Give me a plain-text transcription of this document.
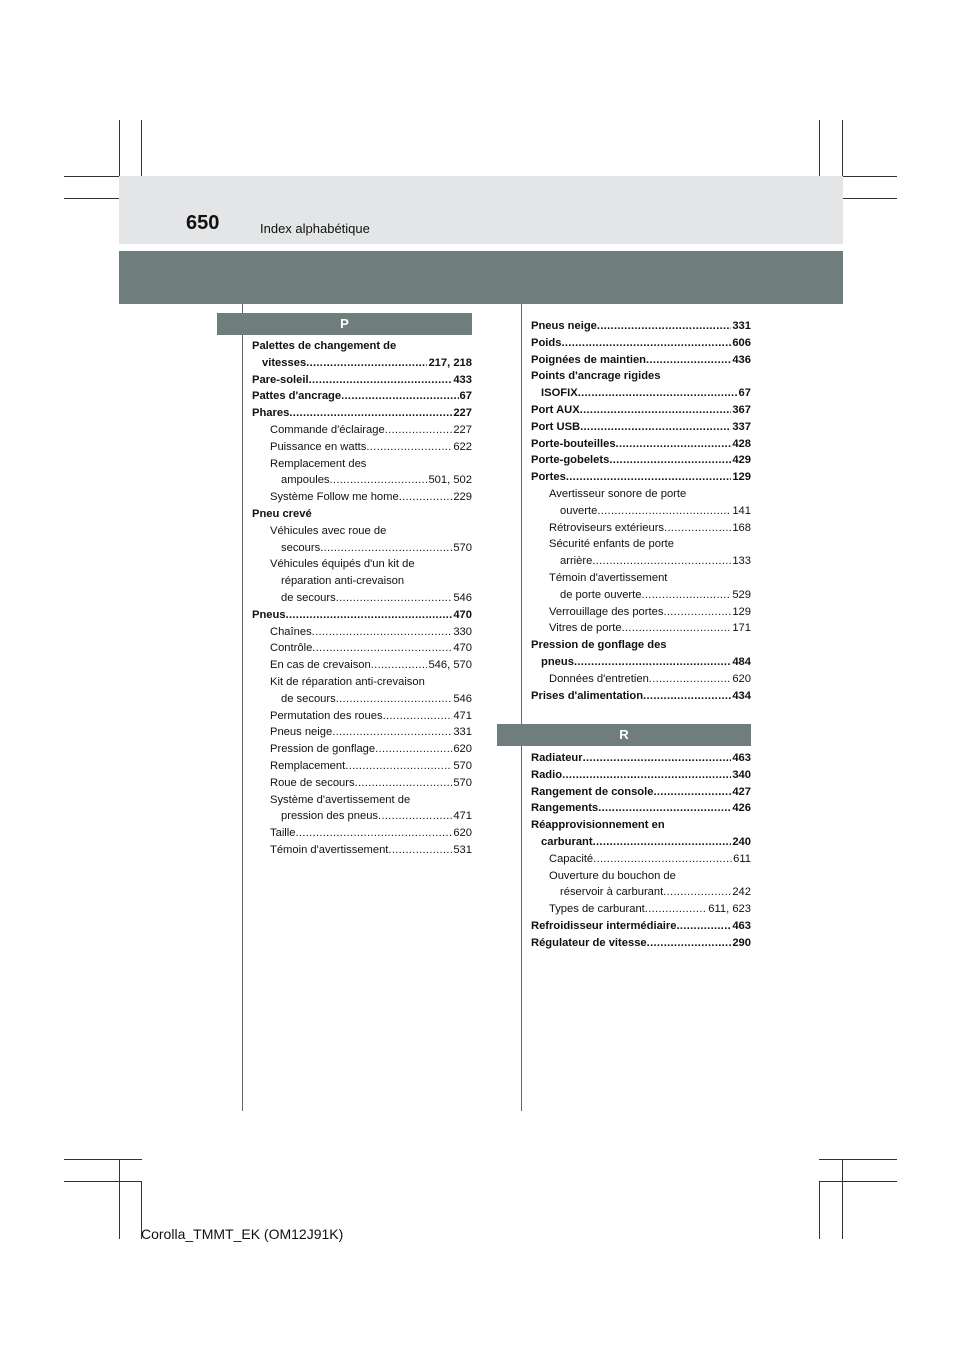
650	Index alphabétique
P
R
Palettes de changement de
vitesses .....	217, 218
Pare-soleil .....	433
Pattes d'ancrage .....	67
Phares .....	227
Commande d'éclairage .....	227
Puissance en watts .....	622
Remplacement des
ampoules .....	501, 502
Système Follow me home .....	229
Pneu crevé
Véhicules avec roue de
secours .....	570
Véhicules équipés d'un kit de
réparation anti-crevaison
de secours .....	546
Pneus .....	470
Chaînes .....	330
Contrôle .....	470
En cas de crevaison .....	546, 570
Kit de réparation anti-crevaison
de secours .....	546
Permutation des roues .....	471
Pneus neige .....	331
Pression de gonflage .....	620
Remplacement .....	570
Roue de secours .....	570
Système d'avertissement de
pression des pneus .....	471
Taille .....	620
Témoin d'avertissement .....	531
Pneus neige .....	331
Poids .....	606
Poignées de maintien .....	436
Points d'ancrage rigides
ISOFIX .....	67
Port AUX .....	367
Port USB .....	337
Porte-bouteilles .....	428
Porte-gobelets .....	429
Portes .....	129
Avertisseur sonore de porte
ouverte .....	141
Rétroviseurs extérieurs .....	168
Sécurité enfants de porte
arrière .....	133
Témoin d'avertissement
de porte ouverte .....	529
Verrouillage des portes .....	129
Vitres de porte .....	171
Pression de gonflage des
pneus .....	484
Données d'entretien .....	620
Prises d'alimentation .....	434
Radiateur .....	463
Radio .....	340
Rangement de console .....	427
Rangements .....	426
Réapprovisionnement en
carburant .....	240
Capacité .....	611
Ouverture du bouchon de
réservoir à carburant .....	242
Types de carburant .....	611, 623
Refroidisseur intermédiaire .....	463
Régulateur de vitesse .....	290
Corolla_TMMT_EK (OM12J91K)
